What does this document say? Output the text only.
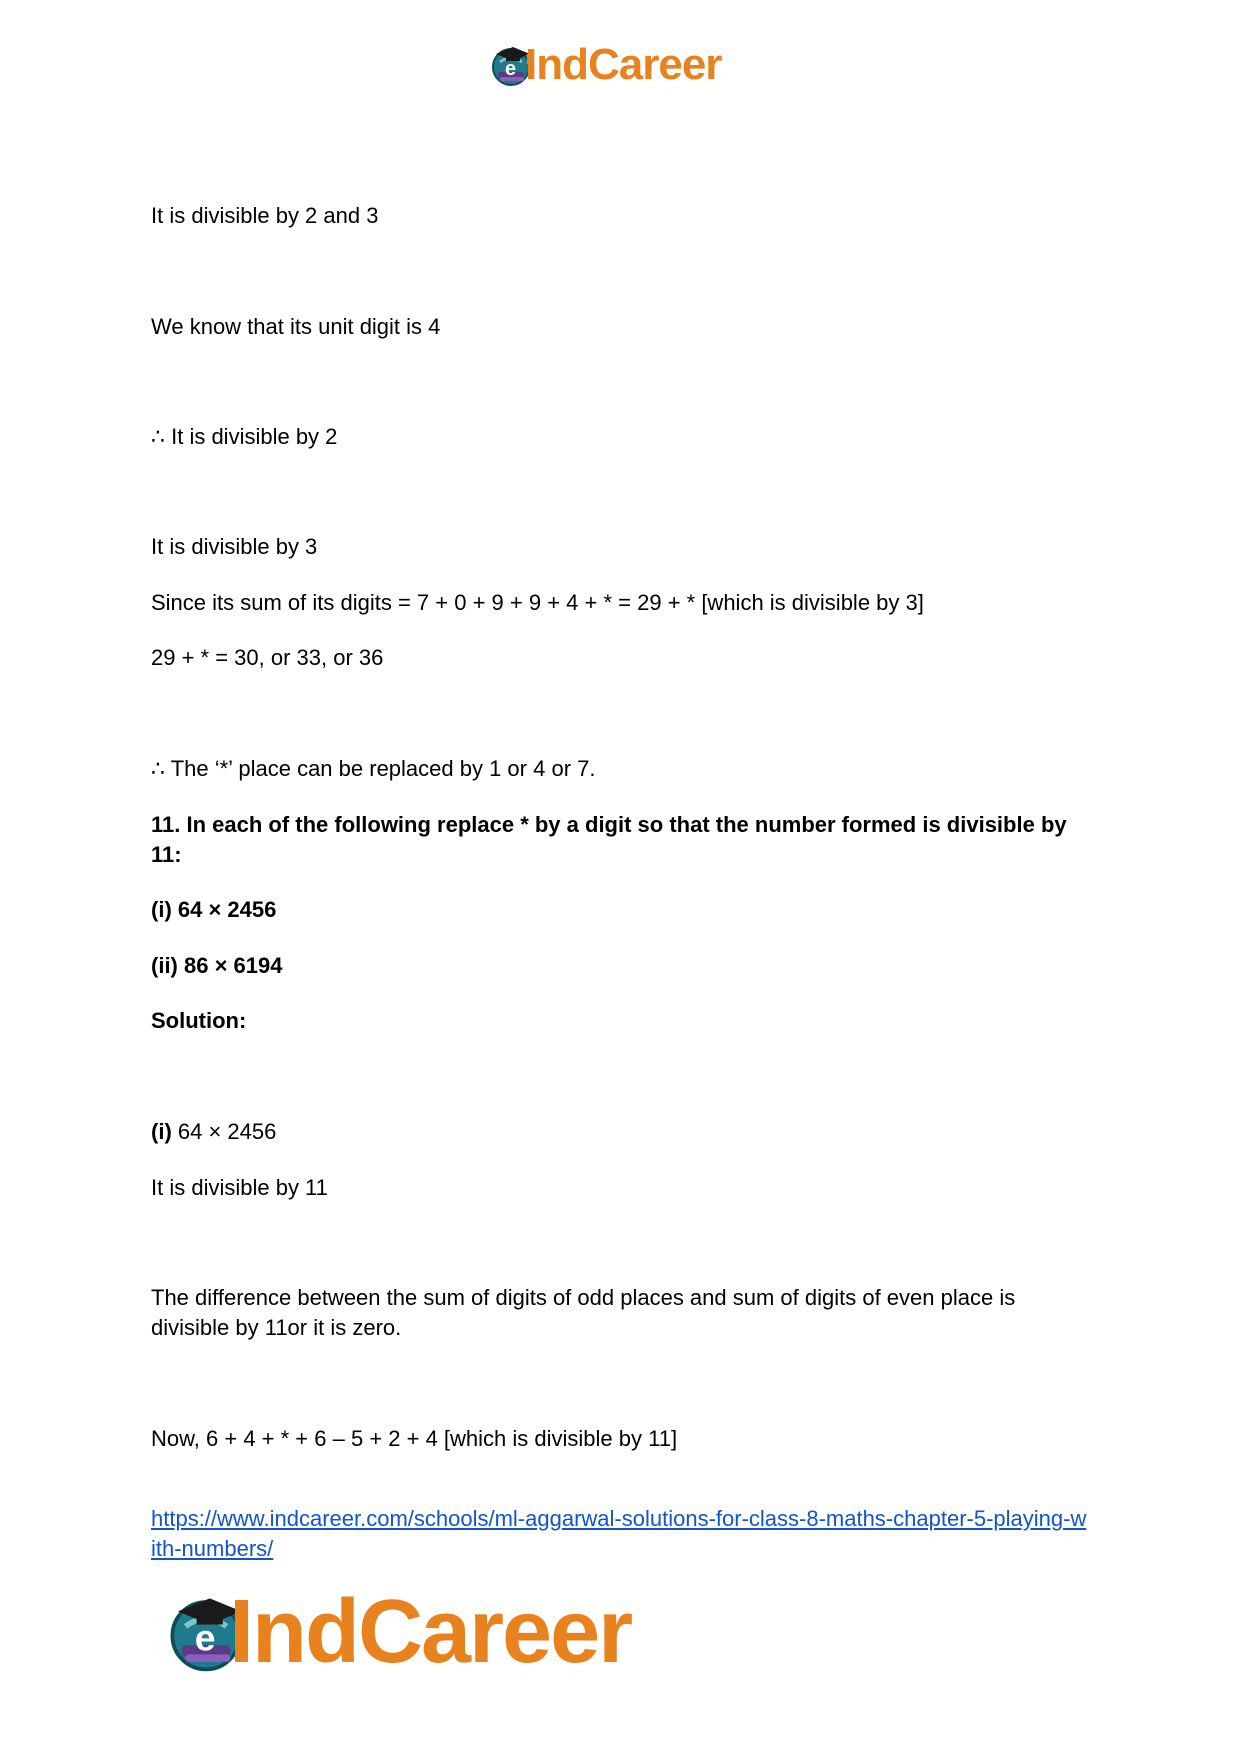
e IndCareer
It is divisible by 2 and 3
We know that its unit digit is 4
∴ It is divisible by 2
It is divisible by 3
Since its sum of its digits = 7 + 0 + 9 + 9 + 4 + * = 29 + * [which is divisible by 3]
29 + * = 30, or 33, or 36
∴ The ‘*’ place can be replaced by 1 or 4 or 7.
11. In each of the following replace * by a digit so that the number formed is divisible by 11:
(i) 64 × 2456
(ii) 86 × 6194
Solution:
(i) 64 × 2456
It is divisible by 11
The difference between the sum of digits of odd places and sum of digits of even place is divisible by 11or it is zero.
Now, 6 + 4 + * + 6 – 5 + 2 + 4 [which is divisible by 11]
https://www.indcareer.com/schools/ml-aggarwal-solutions-for-class-8-maths-chapter-5-playing-with-numbers/
e IndCareer
